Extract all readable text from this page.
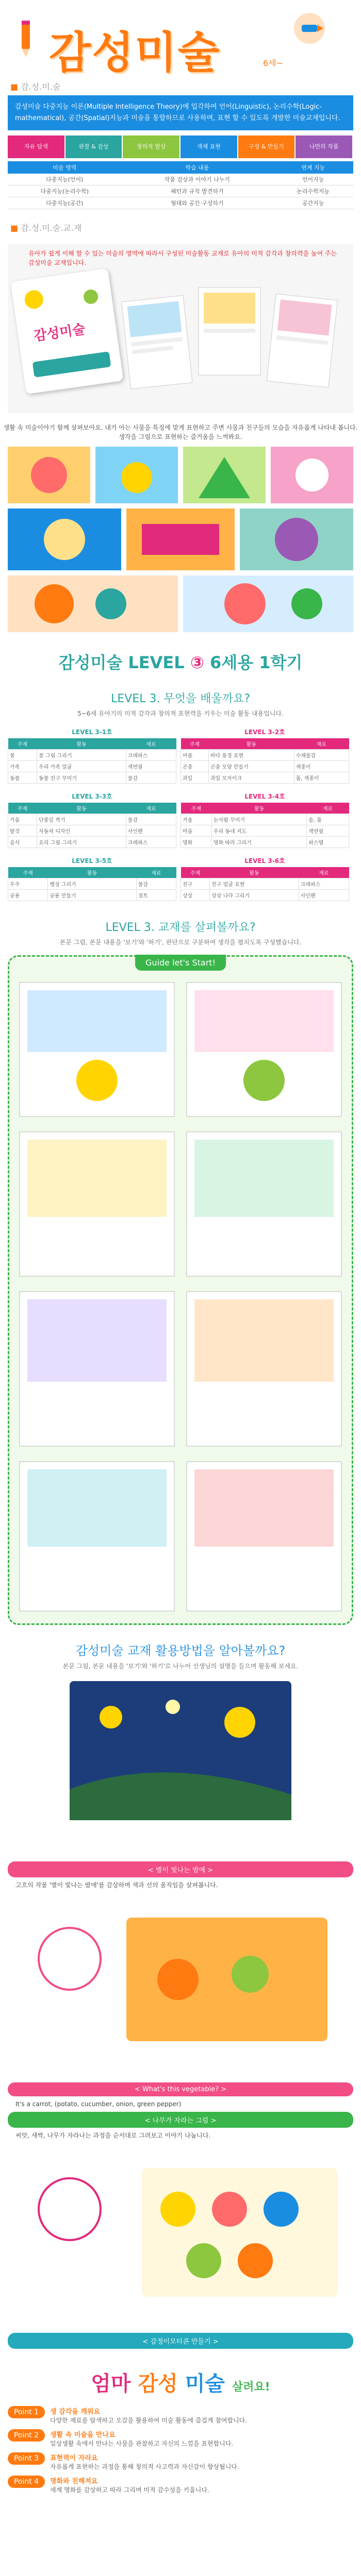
감성미술	6세~
■ 감.성.미.술
감성미술 다중지능 이론(Multiple Intelligence Theory)에 입각하여 언어(Linguistic), 논리수학(Logic-mathematical), 공간(Spatial)지능과 미술을 통합하므로 사용하며, 표현 할 수 있도록 개발한 미술교재입니다.
자유 탐색	관찰 & 감상	창의적 발상	색채 표현	구성 & 만들기	나만의 작품
미술 영역	학습 내용	연계 지능
다중지능(언어)	작품 감상과 이야기 나누기	언어지능
다중지능(논리수학)	패턴과 규칙 발견하기	논리수학지능
다중지능(공간)	형태와 공간 구성하기	공간지능
■ 감.성.미.술.교.재
유아가 쉽게 이해 할 수 있는 미술의 영역에 따라서 구성된 미술활동 교재로 유아의 미적 감각과 창의력을 높여 주는 감성미술 교재입니다.
감성미술
생활 속 미술이야기 함께 살펴보아요. 내가 아는 사물을 특징에 맞게 표현하고 주변 사물과 친구들의 모습을 자유롭게 나타내 봅니다. 생각을 그림으로 표현하는 즐거움을 느껴봐요.
감성미술 LEVEL ③ 6세용 1학기
LEVEL 3. 무엇을 배울까요?
5~6세 유아기의 미적 감각과 창의적 표현력을 키우는 미술 활동 내용입니다.
LEVEL 3-1호
주제	활동	재료
봄	꽃 그림 그리기	크레파스
가족	우리 가족 얼굴	색연필
동물	동물 친구 꾸미기	물감
LEVEL 3-2호
주제	활동	재료
여름	바다 풍경 표현	수채물감
곤충	곤충 모양 만들기	색종이
과일	과일 모자이크	풀, 색종이
LEVEL 3-3호
주제	활동	재료
가을	단풍잎 찍기	물감
탈것	자동차 디자인	사인펜
음식	요리 그림 그리기	크레파스
LEVEL 3-4호
주제	활동	재료
겨울	눈사람 꾸미기	솜, 풀
마을	우리 동네 지도	색연필
명화	명화 따라 그리기	파스텔
LEVEL 3-5호
주제	활동	재료
우주	행성 그리기	물감
공룡	공룡 만들기	점토
LEVEL 3-6호
주제	활동	재료
친구	친구 얼굴 표현	크레파스
상상	상상 나라 그리기	사인펜
LEVEL 3. 교재를 살펴볼까요?
본문 그림, 본문 내용을 '보기'와 '하기', 판단으로 구분하여 생각을 펼치도록 구성했습니다.
Guide let's Start!
감성미술 교재 활용방법을 알아볼까요?
본문 그림, 본문 내용을 '보기'와 '하기'로 나누어 선생님의 설명을 들으며 활동해 보세요.
< 별이 빛나는 밤에 >
고흐의 작품 '별이 빛나는 밤에'를 감상하며 색과 선의 움직임을 살펴봅니다.
< What's this vegetable? >
It's a carrot, (potato, cucumber, onion, green pepper)
< 나무가 자라는 그림 >
씨앗, 새싹, 나무가 자라나는 과정을 순서대로 그려보고 이야기 나눕니다.
< 감정이모티콘 만들기 >
엄마 감성 미술 살려요!
Point 1	생 감각을 깨워요
다양한 재료를 탐색하고 오감을 활용하여 미술 활동에 즐겁게 참여합니다.
Point 2	생활 속 미술을 만나요
일상생활 속에서 만나는 사물을 관찰하고 자신의 느낌을 표현합니다.
Point 3	표현력이 자라요
자유롭게 표현하는 과정을 통해 창의적 사고력과 자신감이 향상됩니다.
Point 4	명화와 친해져요
세계 명화를 감상하고 따라 그리며 미적 감수성을 키웁니다.
